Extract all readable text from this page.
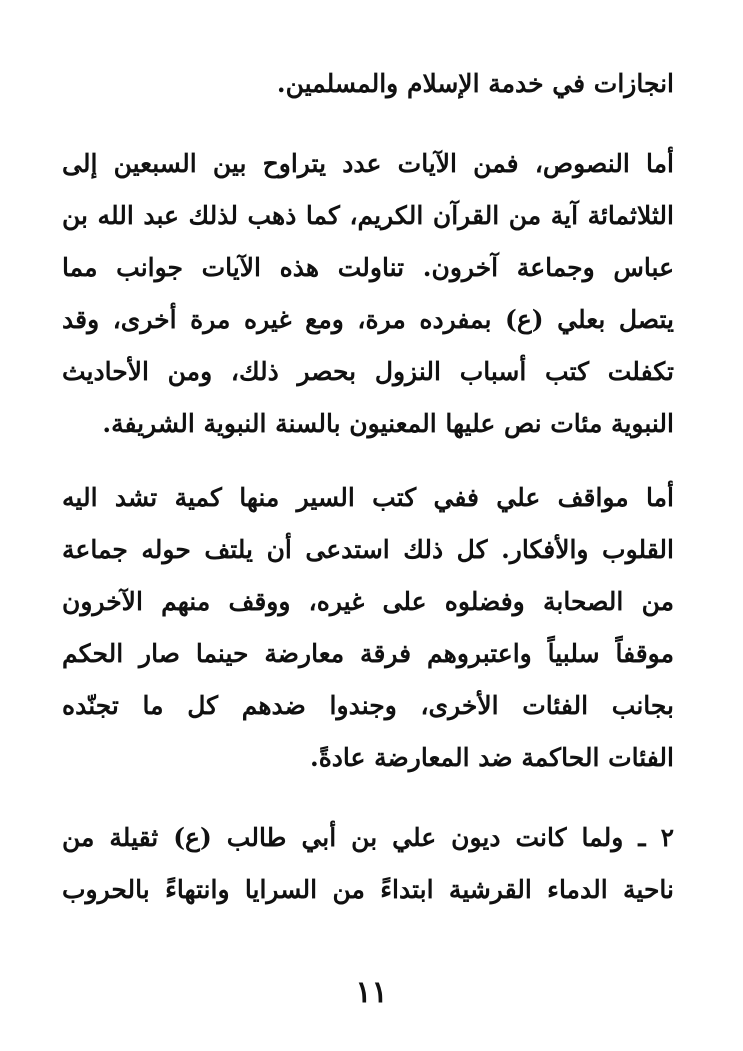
انجازات في خدمة الإسلام والمسلمين.
أما النصوص، فمن الآيات عدد يتراوح بين السبعين إلى
الثلاثمائة آية من القرآن الكريم، كما ذهب لذلك عبد الله بن
عباس وجماعة آخرون. تناولت هذه الآيات جوانب مما
يتصل بعلي (ع) بمفرده مرة، ومع غيره مرة أخرى، وقد
تكفلت كتب أسباب النزول بحصر ذلك، ومن الأحاديث
النبوية مئات نص عليها المعنيون بالسنة النبوية الشريفة.
أما مواقف علي ففي كتب السير منها كمية تشد اليه
القلوب والأفكار. كل ذلك استدعى أن يلتف حوله جماعة
من الصحابة وفضلوه على غيره، ووقف منهم الآخرون
موقفاً سلبياً واعتبروهم فرقة معارضة حينما صار الحكم
بجانب الفئات الأخرى، وجندوا ضدهم كل ما تجنّده
الفئات الحاكمة ضد المعارضة عادةً.
٢ ـ ولما كانت ديون علي بن أبي طالب (ع) ثقيلة من
ناحية الدماء القرشية ابتداءً من السرايا وانتهاءً بالحروب
١١
